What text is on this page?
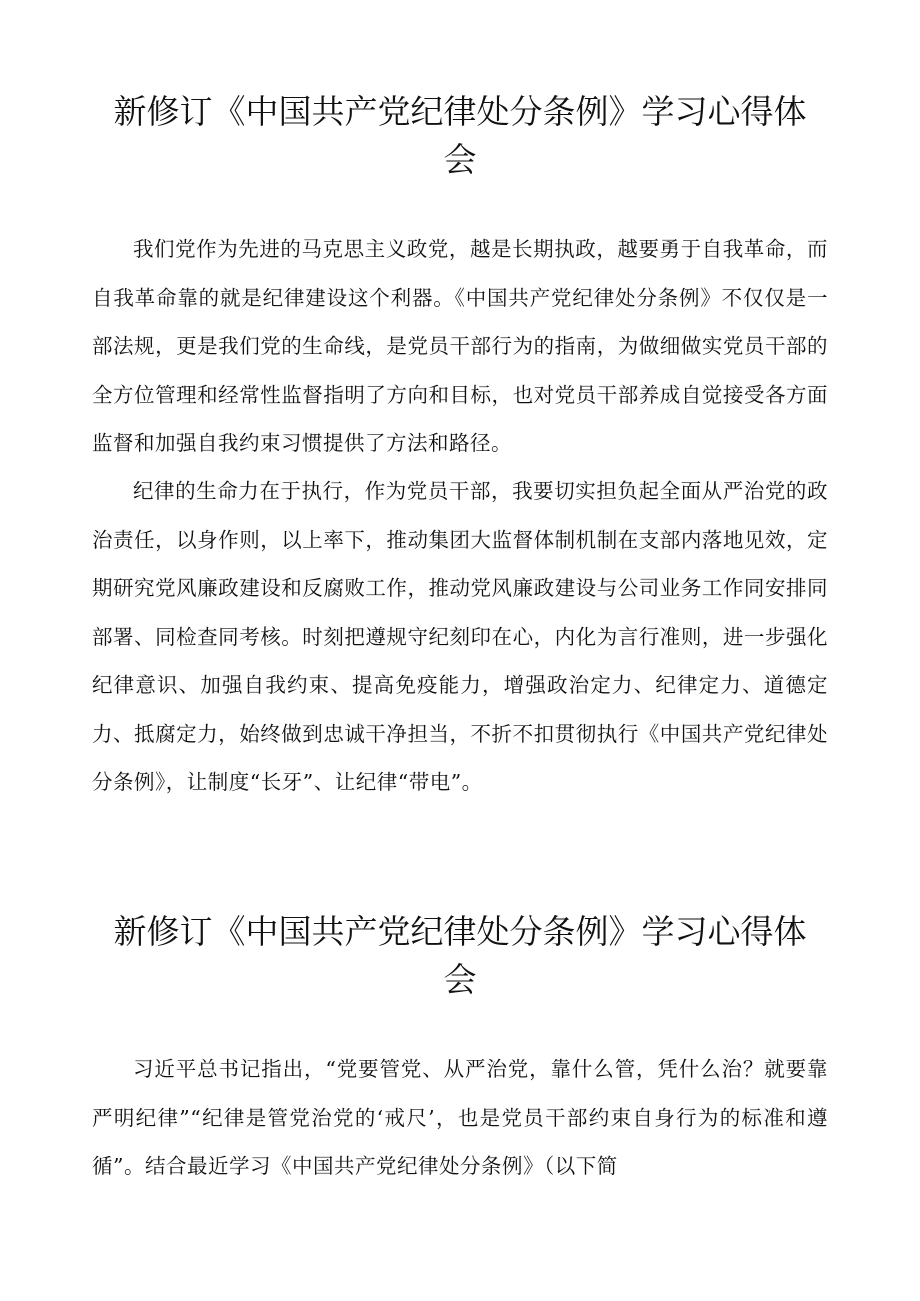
新修订《中国共产党纪律处分条例》学习心得体会

我们党作为先进的马克思主义政党，越是长期执政，越要勇于自我革命，而自我革命靠的就是纪律建设这个利器。《中国共产党纪律处分条例》不仅仅是一部法规，更是我们党的生命线，是党员干部行为的指南，为做细做实党员干部的全方位管理和经常性监督指明了方向和目标，也对党员干部养成自觉接受各方面监督和加强自我约束习惯提供了方法和路径。

纪律的生命力在于执行，作为党员干部，我要切实担负起全面从严治党的政治责任，以身作则，以上率下，推动集团大监督体制机制在支部内落地见效，定期研究党风廉政建设和反腐败工作，推动党风廉政建设与公司业务工作同安排同部署、同检查同考核。时刻把遵规守纪刻印在心，内化为言行准则，进一步强化纪律意识、加强自我约束、提高免疫能力，增强政治定力、纪律定力、道德定力、抵腐定力，始终做到忠诚干净担当，不折不扣贯彻执行《中国共产党纪律处分条例》，让制度“长牙”、让纪律“带电”。

新修订《中国共产党纪律处分条例》学习心得体会

习近平总书记指出，“党要管党、从严治党，靠什么管，凭什么治？就要靠严明纪律”“纪律是管党治党的‘戒尺’，也是党员干部约束自身行为的标准和遵循”。结合最近学习《中国共产党纪律处分条例》（以下简
